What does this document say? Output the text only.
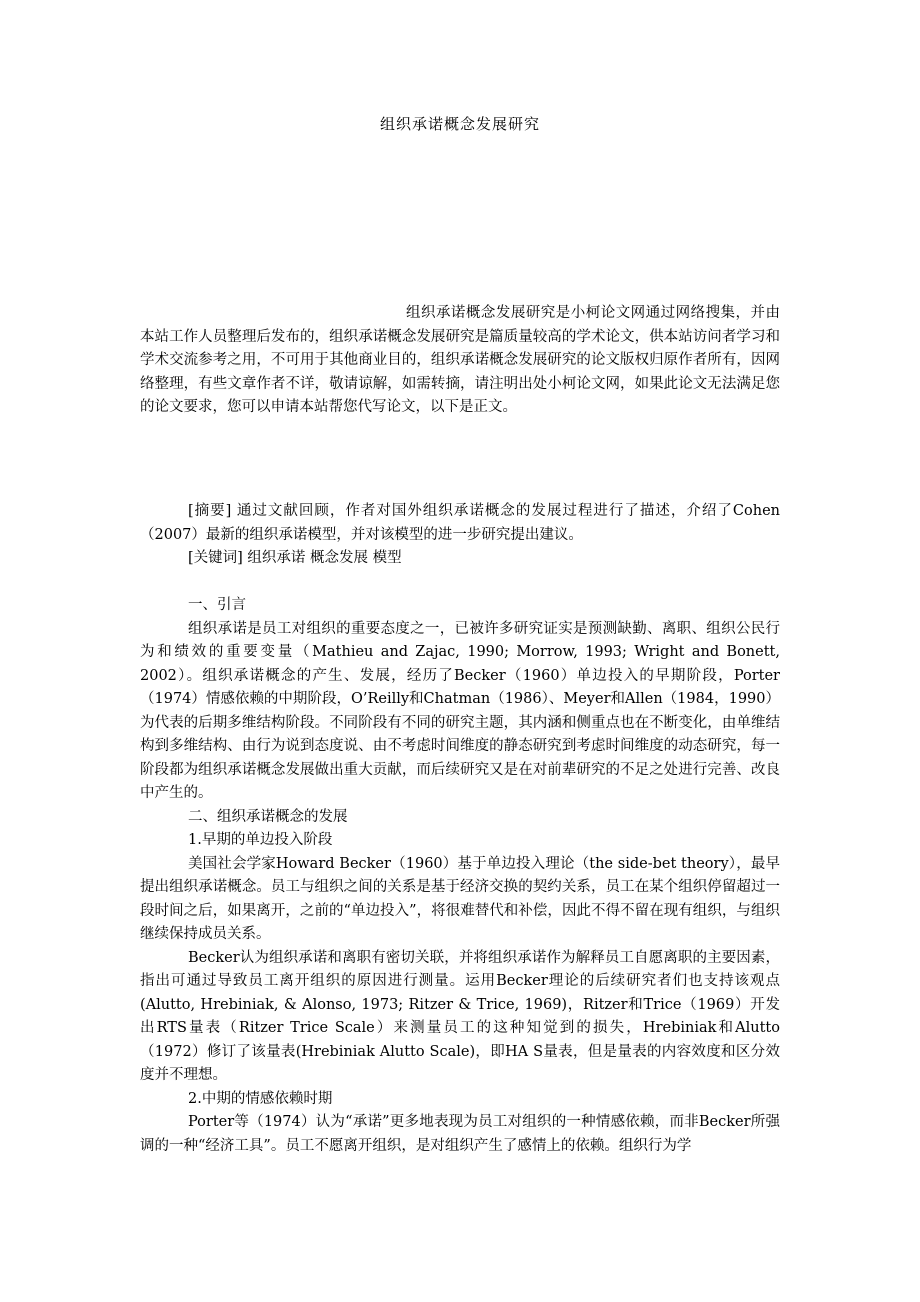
组织承诺概念发展研究

组织承诺概念发展研究是小柯论文网通过网络搜集，并由本站工作人员整理后发布的，组织承诺概念发展研究是篇质量较高的学术论文，供本站访问者学习和学术交流参考之用，不可用于其他商业目的，组织承诺概念发展研究的论文版权归原作者所有，因网络整理，有些文章作者不详，敬请谅解，如需转摘，请注明出处小柯论文网，如果此论文无法满足您的论文要求，您可以申请本站帮您代写论文，以下是正文。

[摘要] 通过文献回顾，作者对国外组织承诺概念的发展过程进行了描述，介绍了Cohen（2007）最新的组织承诺模型，并对该模型的进一步研究提出建议。

[关键词] 组织承诺 概念发展 模型

一、引言

组织承诺是员工对组织的重要态度之一，已被许多研究证实是预测缺勤、离职、组织公民行为和绩效的重要变量（Mathieu and Zajac, 1990; Morrow, 1993; Wright and Bonett, 2002）。组织承诺概念的产生、发展，经历了Becker（1960）单边投入的早期阶段，Porter（1974）情感依赖的中期阶段，O’Reilly和Chatman（1986）、Meyer和Allen（1984，1990）为代表的后期多维结构阶段。不同阶段有不同的研究主题，其内涵和侧重点也在不断变化，由单维结构到多维结构、由行为说到态度说、由不考虑时间维度的静态研究到考虑时间维度的动态研究，每一阶段都为组织承诺概念发展做出重大贡献，而后续研究又是在对前辈研究的不足之处进行完善、改良中产生的。

二、组织承诺概念的发展

1.早期的单边投入阶段

美国社会学家Howard Becker（1960）基于单边投入理论（the side-bet theory），最早提出组织承诺概念。员工与组织之间的关系是基于经济交换的契约关系，员工在某个组织停留超过一段时间之后，如果离开，之前的“单边投入”，将很难替代和补偿，因此不得不留在现有组织，与组织继续保持成员关系。

Becker认为组织承诺和离职有密切关联，并将组织承诺作为解释员工自愿离职的主要因素，指出可通过导致员工离开组织的原因进行测量。运用Becker理论的后续研究者们也支持该观点(Alutto, Hrebiniak, & Alonso, 1973; Ritzer & Trice, 1969)，Ritzer和Trice（1969）开发出RTS量表（Ritzer Trice Scale）来测量员工的这种知觉到的损失，Hrebiniak和Alutto（1972）修订了该量表(Hrebiniak Alutto Scale)，即HA S量表，但是量表的内容效度和区分效度并不理想。

2.中期的情感依赖时期

Porter等（1974）认为“承诺”更多地表现为员工对组织的一种情感依赖，而非Becker所强调的一种“经济工具”。员工不愿离开组织，是对组织产生了感情上的依赖。组织行为学
